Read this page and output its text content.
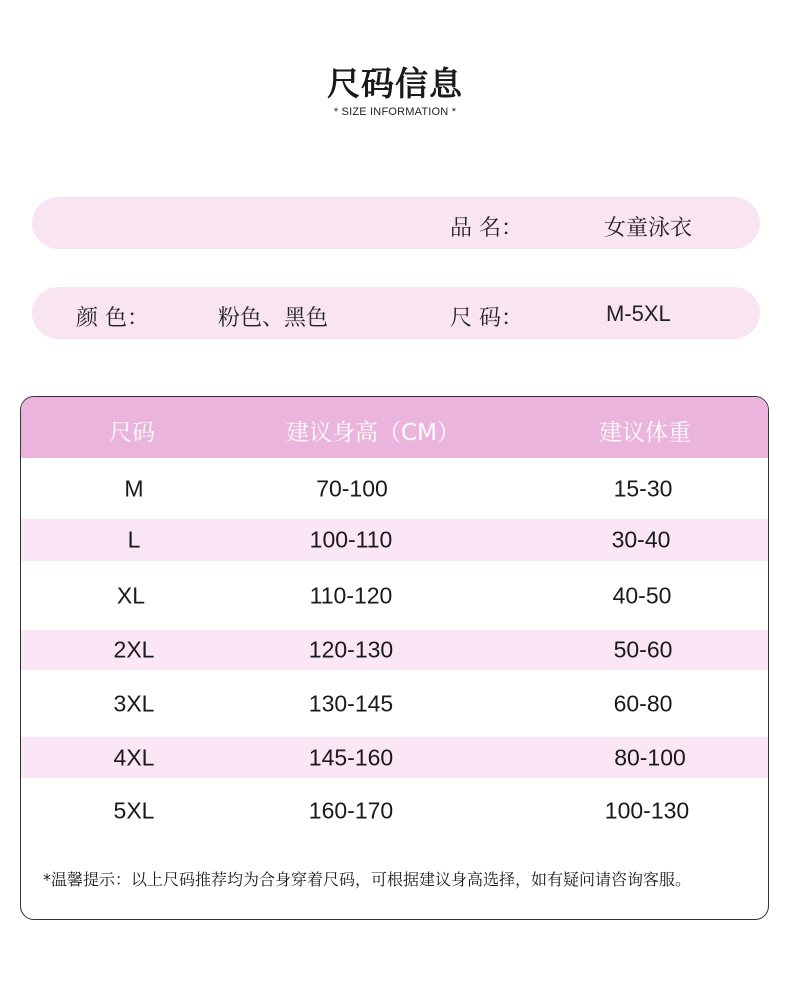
尺码信息
* SIZE INFORMATION *
品 名：	女童泳衣
颜 色：	粉色、黑色	尺 码：	M-5XL
尺码	建议身高（CM）	建议体重
M	70-100	15-30
L	100-110	30-40
XL	110-120	40-50
2XL	120-130	50-60
3XL	130-145	60-80
4XL	145-160	80-100
5XL	160-170	100-130
*温馨提示：以上尺码推荐均为合身穿着尺码，可根据建议身高选择，如有疑问请咨询客服。
